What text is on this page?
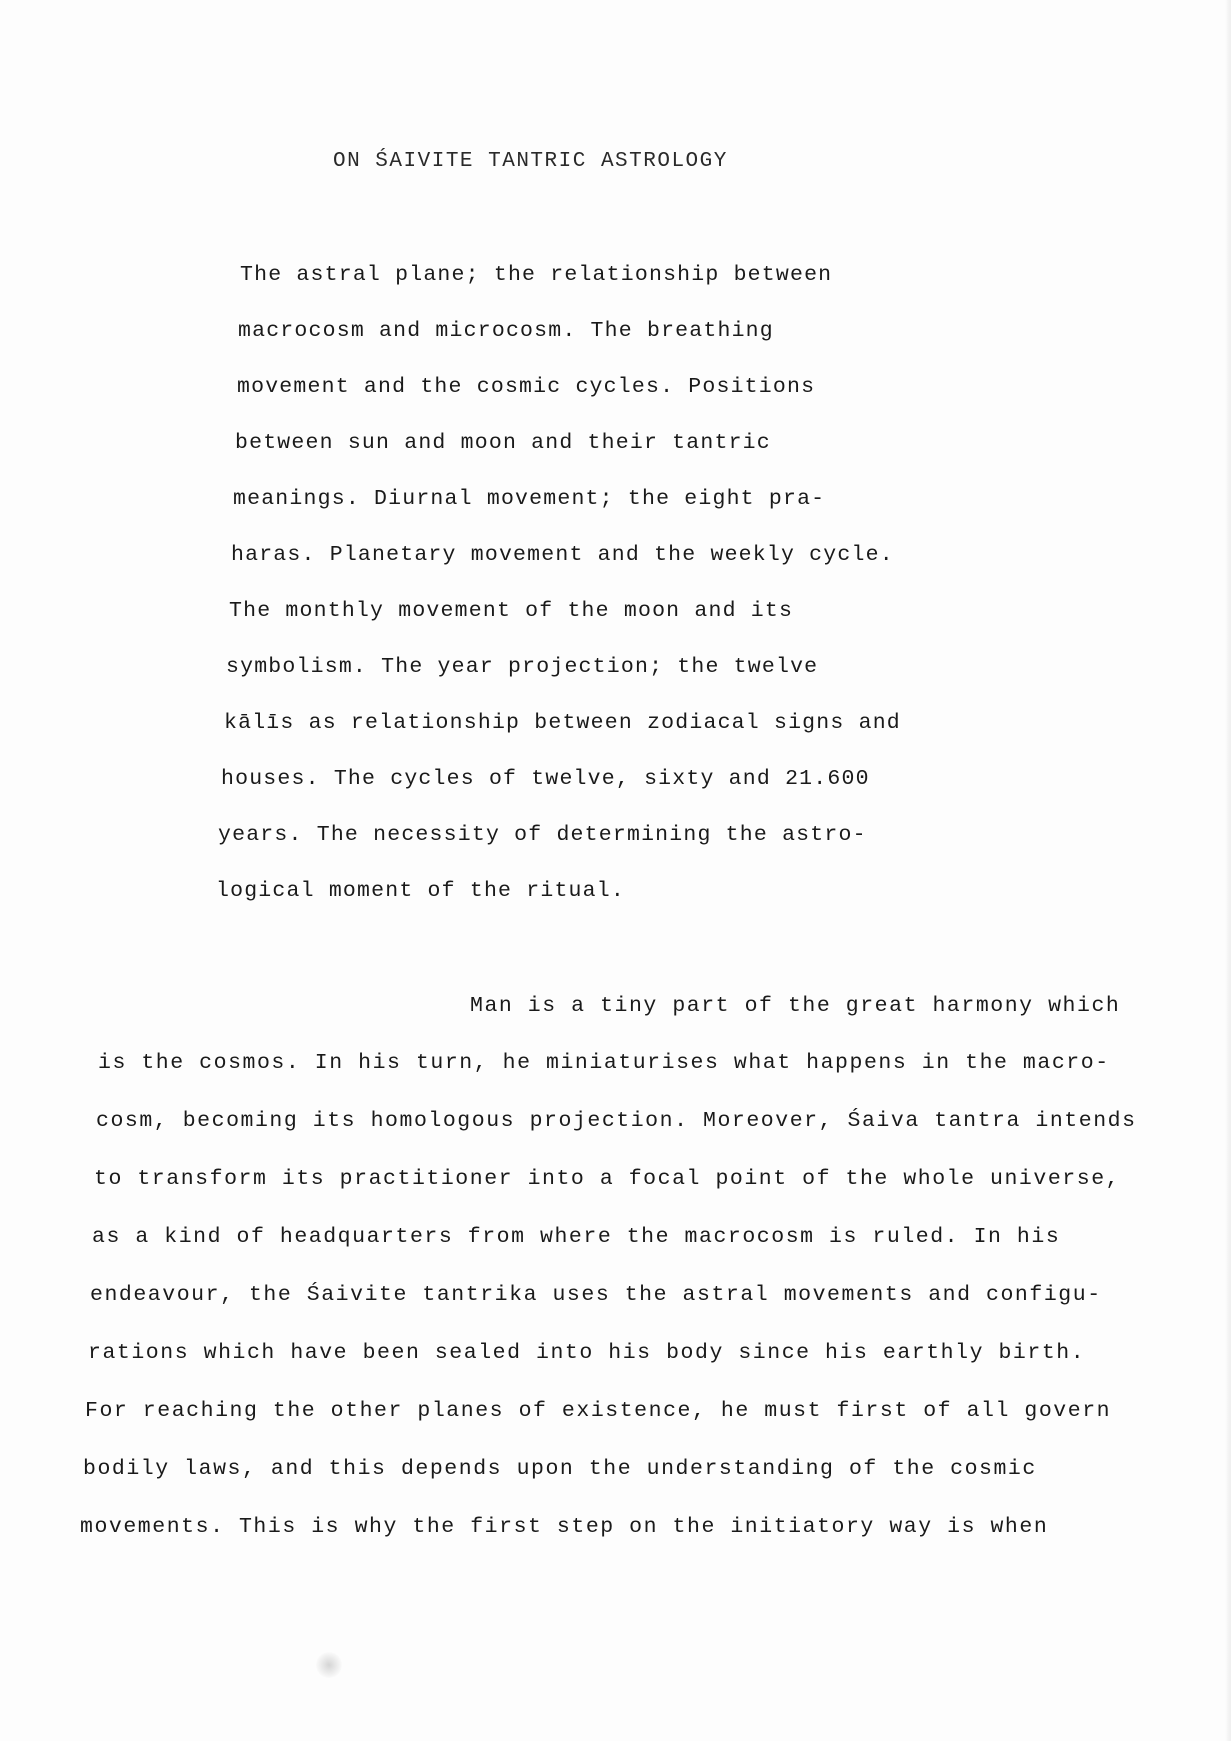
ON ŚAIVITE TANTRIC ASTROLOGY
The astral plane; the relationship between
macrocosm and microcosm. The breathing
movement and the cosmic cycles. Positions
between sun and moon and their tantric
meanings. Diurnal movement; the eight pra-
haras. Planetary movement and the weekly cycle.
The monthly movement of the moon and its
symbolism. The year projection; the twelve
kālīs as relationship between zodiacal signs and
houses. The cycles of twelve, sixty and 21.600
years. The necessity of determining the astro-
logical moment of the ritual.
Man is a tiny part of the great harmony which
is the cosmos. In his turn, he miniaturises what happens in the macro-
cosm, becoming its homologous projection. Moreover, Śaiva tantra intends
to transform its practitioner into a focal point of the whole universe,
as a kind of headquarters from where the macrocosm is ruled. In his
endeavour, the Śaivite tantrika uses the astral movements and configu-
rations which have been sealed into his body since his earthly birth.
For reaching the other planes of existence, he must first of all govern
bodily laws, and this depends upon the understanding of the cosmic
movements. This is why the first step on the initiatory way is when
